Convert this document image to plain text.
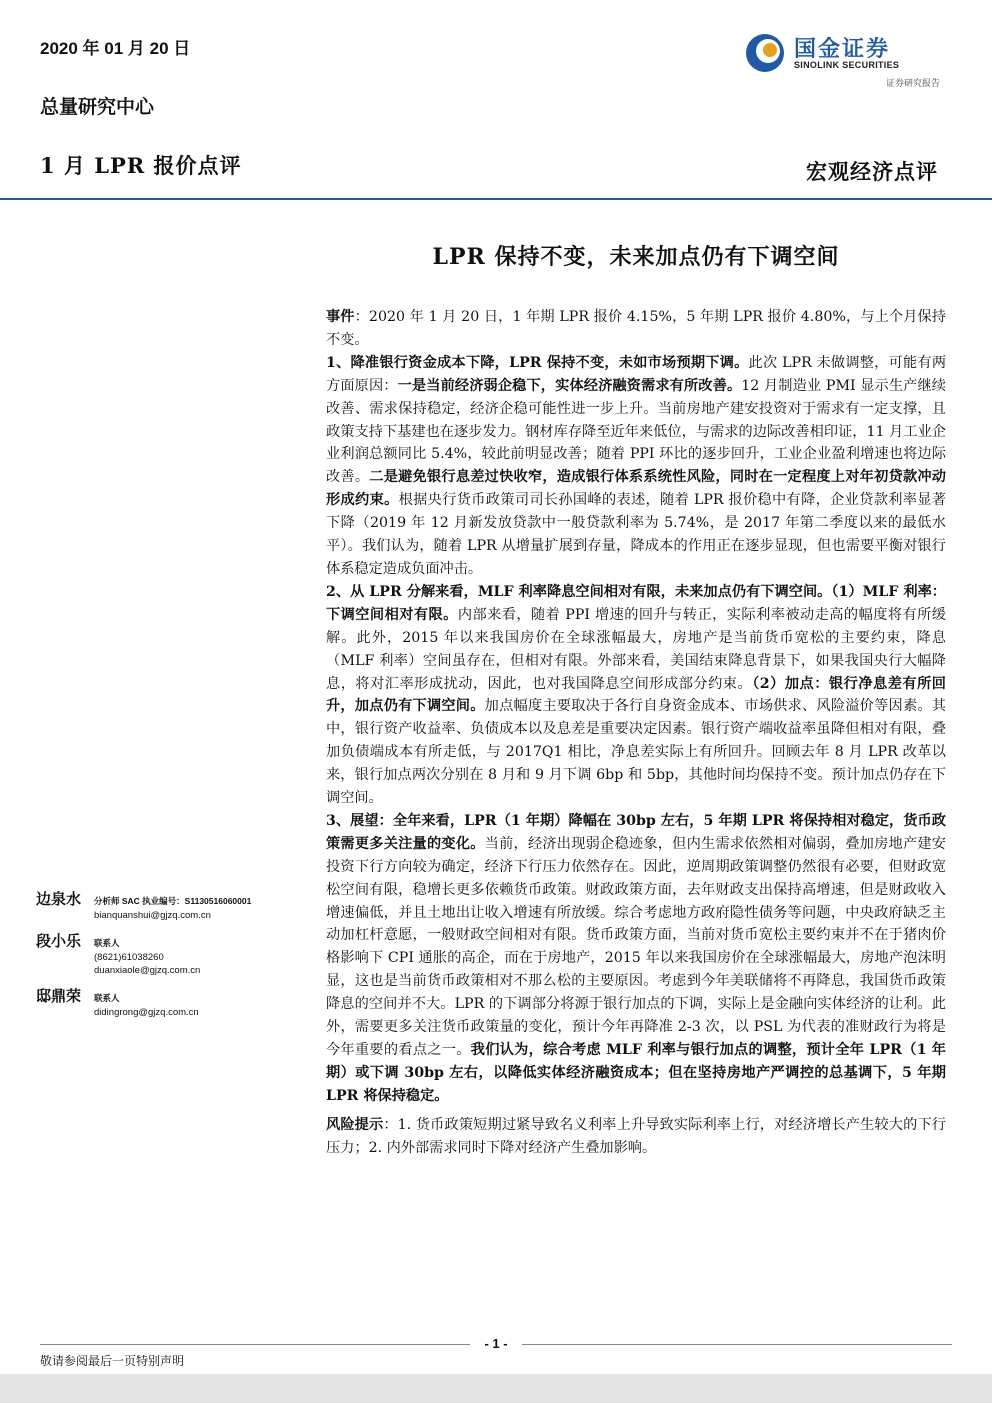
2020 年 01 月 20 日
总量研究中心
1 月 LPR 报价点评	宏观经济点评
国金证券
SINOLINK SECURITIES
证券研究报告
LPR 保持不变，未来加点仍有下调空间

事件：2020 年 1 月 20 日，1 年期 LPR 报价 4.15%，5 年期 LPR 报价 4.80%，与上个月保持不变。

1、降准银行资金成本下降，LPR 保持不变，未如市场预期下调。此次 LPR 未做调整，可能有两方面原因：一是当前经济弱企稳下，实体经济融资需求有所改善。12 月制造业 PMI 显示生产继续改善、需求保持稳定，经济企稳可能性进一步上升。当前房地产建安投资对于需求有一定支撑，且政策支持下基建也在逐步发力。钢材库存降至近年来低位，与需求的边际改善相印证，11 月工业企业利润总额同比 5.4%，较此前明显改善；随着 PPI 环比的逐步回升，工业企业盈利增速也将边际改善。二是避免银行息差过快收窄，造成银行体系系统性风险，同时在一定程度上对年初贷款冲动形成约束。根据央行货币政策司司长孙国峰的表述，随着 LPR 报价稳中有降，企业贷款利率显著下降（2019 年 12 月新发放贷款中一般贷款利率为 5.74%，是 2017 年第二季度以来的最低水平）。我们认为，随着 LPR 从增量扩展到存量，降成本的作用正在逐步显现，但也需要平衡对银行体系稳定造成负面冲击。

2、从 LPR 分解来看，MLF 利率降息空间相对有限，未来加点仍有下调空间。（1）MLF 利率：下调空间相对有限。内部来看，随着 PPI 增速的回升与转正，实际利率被动走高的幅度将有所缓解。此外，2015 年以来我国房价在全球涨幅最大，房地产是当前货币宽松的主要约束，降息（MLF 利率）空间虽存在，但相对有限。外部来看，美国结束降息背景下，如果我国央行大幅降息，将对汇率形成扰动，因此，也对我国降息空间形成部分约束。（2）加点：银行净息差有所回升，加点仍有下调空间。加点幅度主要取决于各行自身资金成本、市场供求、风险溢价等因素。其中，银行资产收益率、负债成本以及息差是重要决定因素。银行资产端收益率虽降但相对有限，叠加负债端成本有所走低，与 2017Q1 相比，净息差实际上有所回升。回顾去年 8 月 LPR 改革以来，银行加点两次分别在 8 月和 9 月下调 6bp 和 5bp，其他时间均保持不变。预计加点仍存在下调空间。

3、展望：全年来看，LPR（1 年期）降幅在 30bp 左右，5 年期 LPR 将保持相对稳定，货币政策需更多关注量的变化。当前，经济出现弱企稳迹象，但内生需求依然相对偏弱，叠加房地产建安投资下行方向较为确定，经济下行压力依然存在。因此，逆周期政策调整仍然很有必要，但财政宽松空间有限，稳增长更多依赖货币政策。财政政策方面，去年财政支出保持高增速，但是财政收入增速偏低，并且土地出让收入增速有所放缓。综合考虑地方政府隐性债务等问题，中央政府缺乏主动加杠杆意愿，一般财政空间相对有限。货币政策方面，当前对货币宽松主要约束并不在于猪肉价格影响下 CPI 通胀的高企，而在于房地产，2015 年以来我国房价在全球涨幅最大，房地产泡沫明显，这也是当前货币政策相对不那么松的主要原因。考虑到今年美联储将不再降息，我国货币政策降息的空间并不大。LPR 的下调部分将源于银行加点的下调，实际上是金融向实体经济的让利。此外，需要更多关注货币政策量的变化，预计今年再降准 2-3 次，以 PSL 为代表的准财政行为将是今年重要的看点之一。我们认为，综合考虑 MLF 利率与银行加点的调整，预计全年 LPR（1 年期）或下调 30bp 左右，以降低实体经济融资成本；但在坚持房地产严调控的总基调下，5 年期 LPR 将保持稳定。

风险提示：1. 货币政策短期过紧导致名义利率上升导致实际利率上行，对经济增长产生较大的下行压力；2. 内外部需求同时下降对经济产生叠加影响。

边泉水	分析师 SAC 执业编号：S1130516060001
bianquanshui@gjzq.com.cn
段小乐	联系人
(8621)61038260
duanxiaole@gjzq.com.cn
邸鼎荣	联系人
didingrong@gjzq.com.cn
- 1 -
敬请参阅最后一页特别声明
